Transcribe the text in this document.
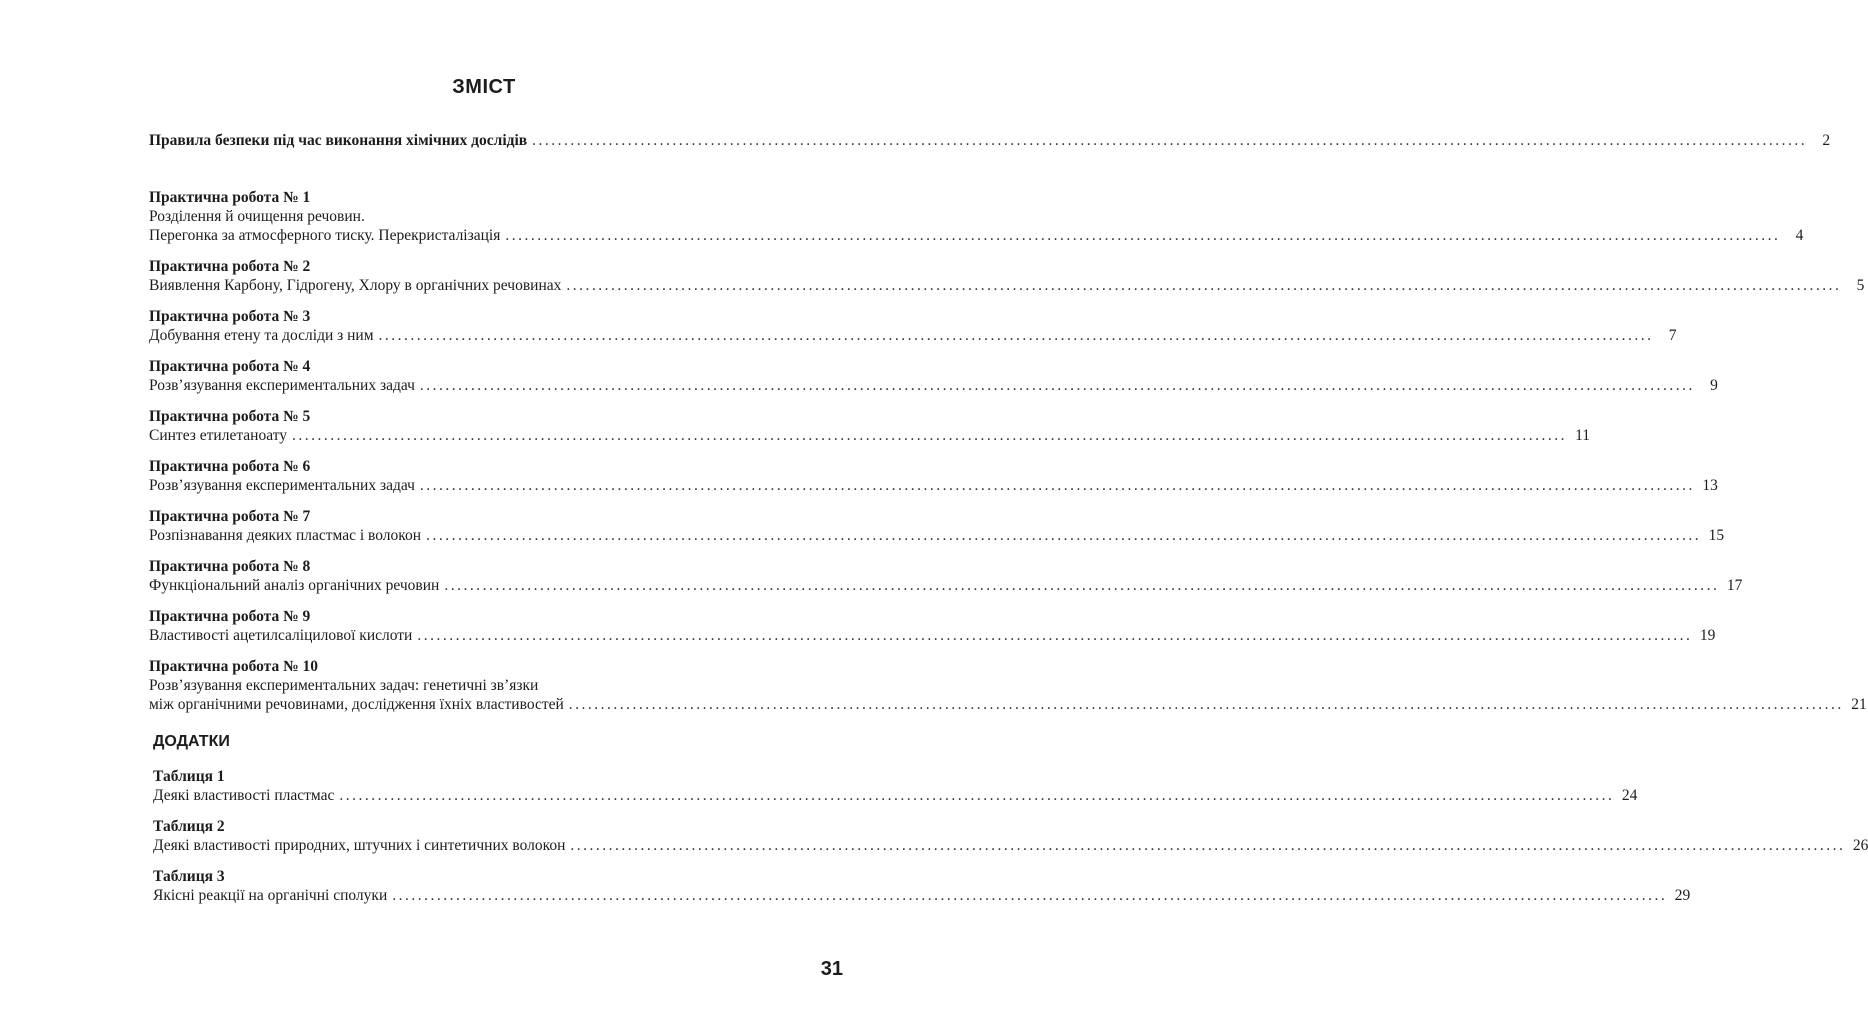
ЗМІСТ
Правила безпеки під час виконання хімічних дослідів ........................................................................................................................................................................................................ 2
Практична робота № 1
Розділення й очищення речовин.
Перегонка за атмосферного тиску. Перекристалізація ........................................................................................................................................................................................................ 4
Практична робота № 2
Виявлення Карбону, Гідрогену, Хлору в органічних речовинах ........................................................................................................................................................................................................ 5
Практична робота № 3
Добування етену та досліди з ним ........................................................................................................................................................................................................ 7
Практична робота № 4
Розв’язування експериментальних задач ........................................................................................................................................................................................................ 9
Практична робота № 5
Синтез етилетаноату ........................................................................................................................................................................................................ 11
Практична робота № 6
Розв’язування експериментальних задач ........................................................................................................................................................................................................ 13
Практична робота № 7
Розпізнавання деяких пластмас і волокон ........................................................................................................................................................................................................ 15
Практична робота № 8
Функціональний аналіз органічних речовин ........................................................................................................................................................................................................ 17
Практична робота № 9
Властивості ацетилсаліцилової кислоти ........................................................................................................................................................................................................ 19
Практична робота № 10
Розв’язування експериментальних задач: генетичні зв’язки
між органічними речовинами, дослідження їхніх властивостей ........................................................................................................................................................................................................ 21
ДОДАТКИ
Таблиця 1
Деякі властивості пластмас ........................................................................................................................................................................................................ 24
Таблиця 2
Деякі властивості природних, штучних і синтетичних волокон ........................................................................................................................................................................................................ 26
Таблиця 3
Якісні реакції на органічні сполуки ........................................................................................................................................................................................................ 29
31
